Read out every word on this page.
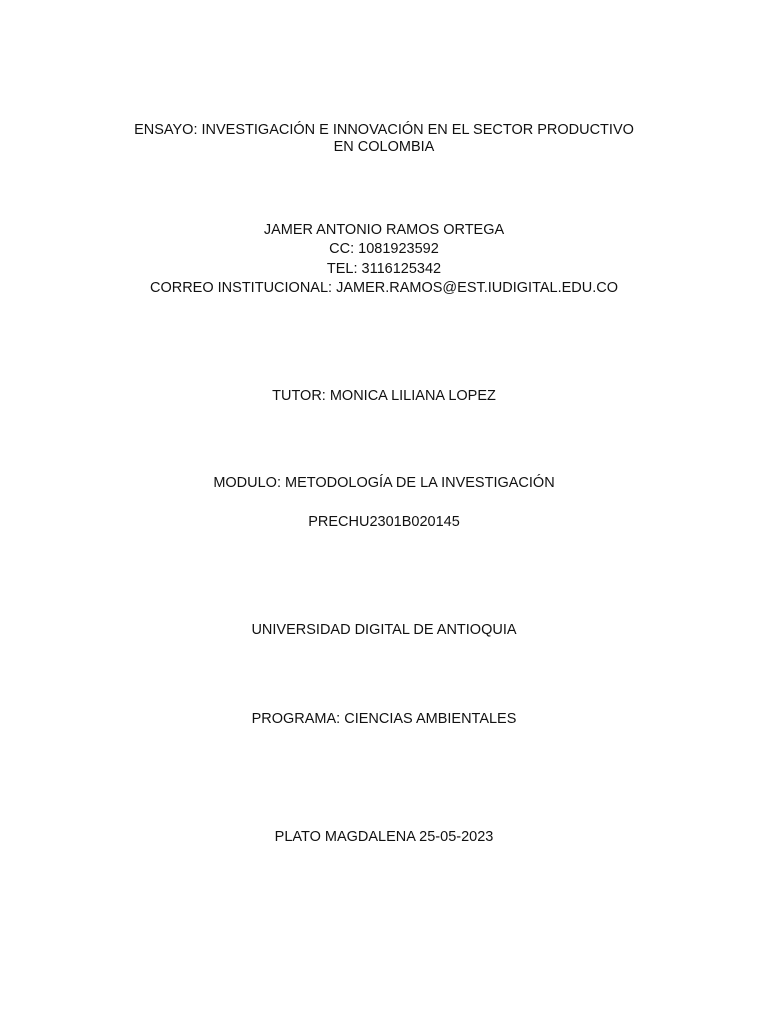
ENSAYO: INVESTIGACIÓN E INNOVACIÓN EN EL SECTOR PRODUCTIVO
EN COLOMBIA
JAMER ANTONIO RAMOS ORTEGA
CC: 1081923592
TEL: 3116125342
CORREO INSTITUCIONAL: JAMER.RAMOS@EST.IUDIGITAL.EDU.CO
TUTOR: MONICA LILIANA LOPEZ
MODULO: METODOLOGÍA DE LA INVESTIGACIÓN
PRECHU2301B020145
UNIVERSIDAD DIGITAL DE ANTIOQUIA
PROGRAMA: CIENCIAS AMBIENTALES
PLATO MAGDALENA 25-05-2023
